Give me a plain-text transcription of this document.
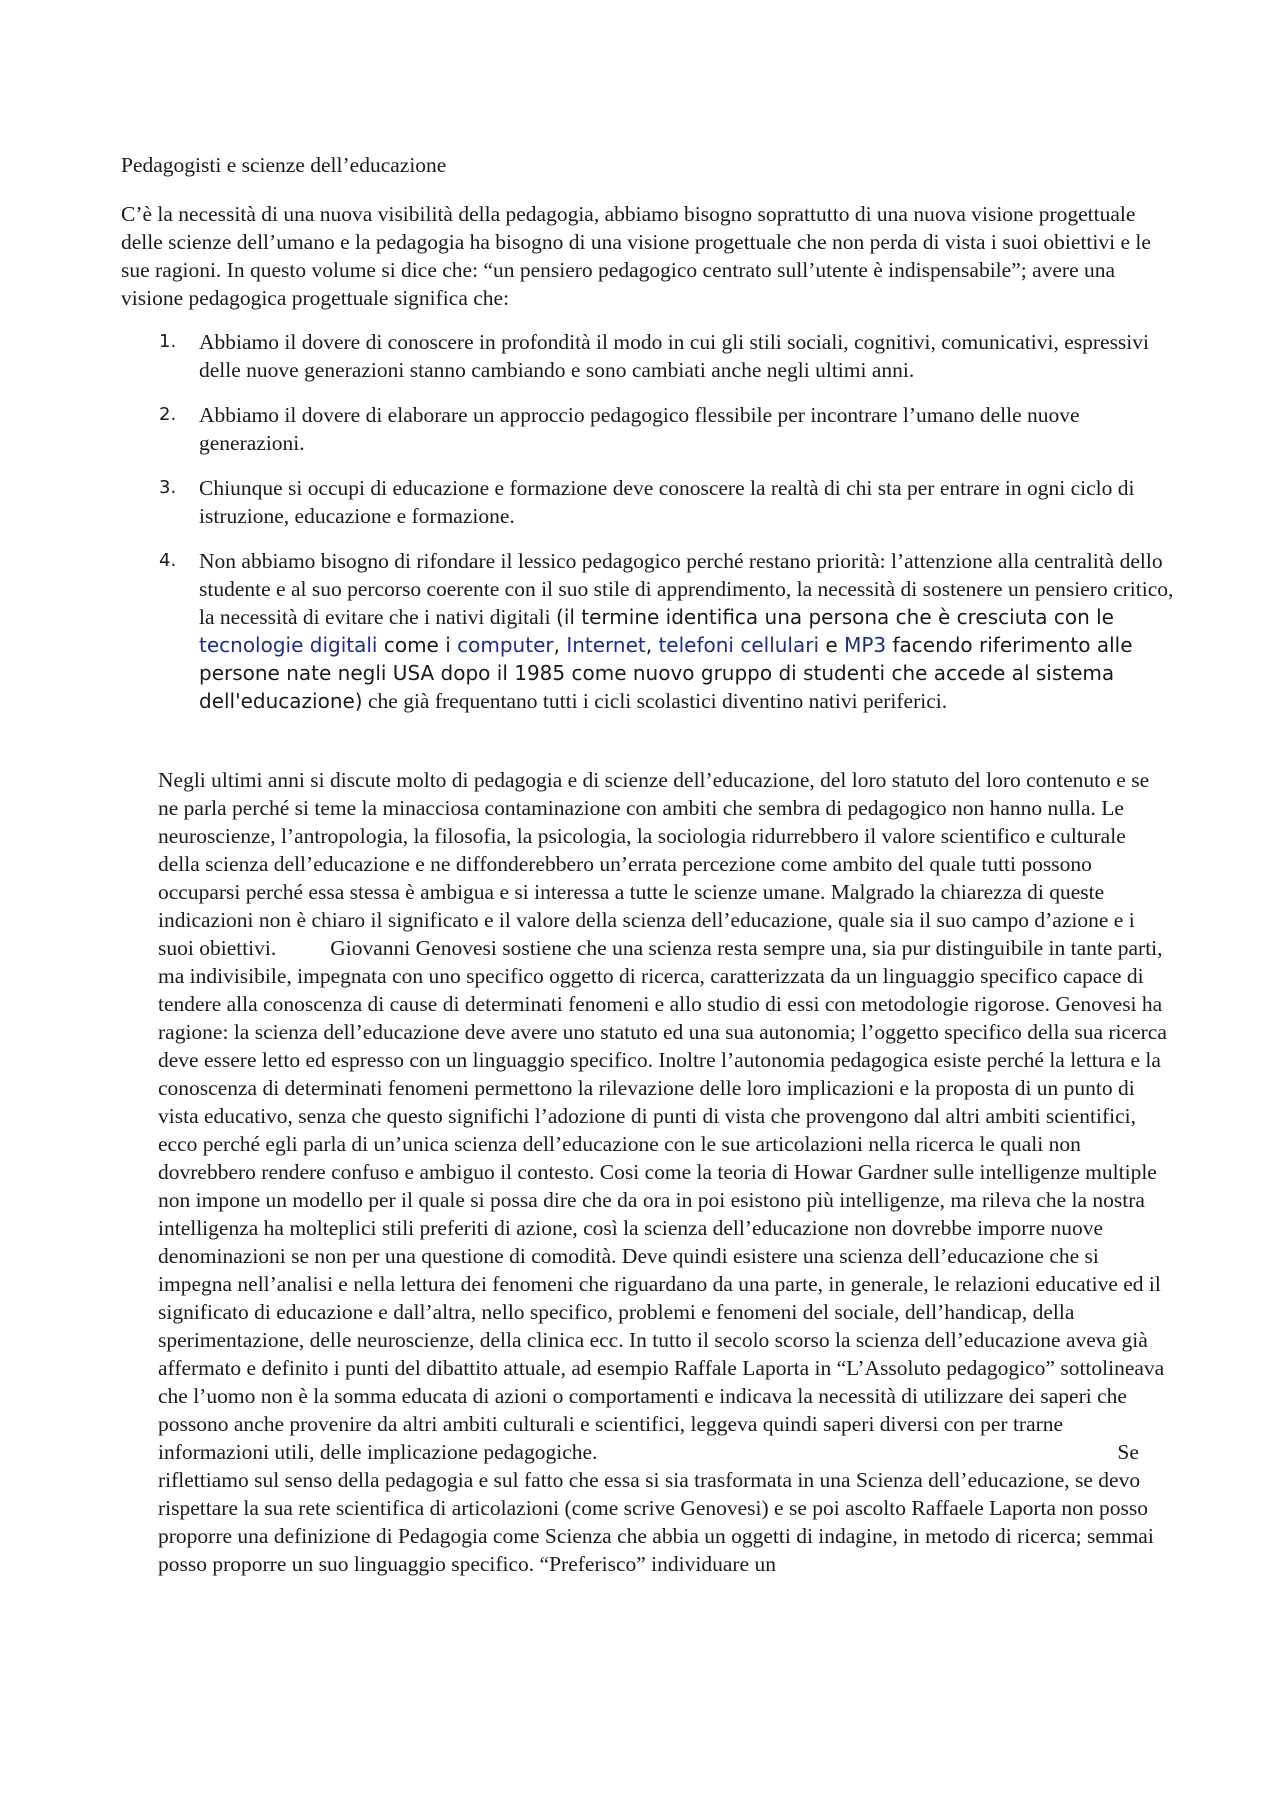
Pedagogisti e scienze dell’educazione

C’è la necessità di una nuova visibilità della pedagogia, abbiamo bisogno soprattutto di una nuova visione progettuale delle scienze dell’umano e la pedagogia ha bisogno di una visione progettuale che non perda di vista i suoi obiettivi e le sue ragioni. In questo volume si dice che: “un pensiero pedagogico centrato sull’utente è indispensabile”; avere una visione pedagogica progettuale significa che:

1. Abbiamo il dovere di conoscere in profondità il modo in cui gli stili sociali, cognitivi, comunicativi, espressivi delle nuove generazioni stanno cambiando e sono cambiati anche negli ultimi anni.
2. Abbiamo il dovere di elaborare un approccio pedagogico flessibile per incontrare l’umano delle nuove generazioni.
3. Chiunque si occupi di educazione e formazione deve conoscere la realtà di chi sta per entrare in ogni ciclo di istruzione, educazione e formazione.
4. Non abbiamo bisogno di rifondare il lessico pedagogico perché restano priorità: l’attenzione alla centralità dello studente e al suo percorso coerente con il suo stile di apprendimento, la necessità di sostenere un pensiero critico, la necessità di evitare che i nativi digitali (il termine identifica una persona che è cresciuta con le tecnologie digitali come i computer, Internet, telefoni cellulari e MP3 facendo riferimento alle persone nate negli USA dopo il 1985 come nuovo gruppo di studenti che accede al sistema dell'educazione) che già frequentano tutti i cicli scolastici diventino nativi periferici.

Negli ultimi anni si discute molto di pedagogia e di scienze dell’educazione, del loro statuto del loro contenuto e se ne parla perché si teme la minacciosa contaminazione con ambiti che sembra di pedagogico non hanno nulla. Le neuroscienze, l’antropologia, la filosofia, la psicologia, la sociologia ridurrebbero il valore scientifico e culturale della scienza dell’educazione e ne diffonderebbero un’errata percezione come ambito del quale tutti possono occuparsi perché essa stessa è ambigua e si interessa a tutte le scienze umane. Malgrado la chiarezza di queste indicazioni non è chiaro il significato e il valore della scienza dell’educazione, quale sia il suo campo d’azione e i suoi obiettivi.	Giovanni Genovesi sostiene che una scienza resta sempre una, sia pur distinguibile in tante parti, ma indivisibile, impegnata con uno specifico oggetto di ricerca, caratterizzata da un linguaggio specifico capace di tendere alla conoscenza di cause di determinati fenomeni e allo studio di essi con metodologie rigorose. Genovesi ha ragione: la scienza dell’educazione deve avere uno statuto ed una sua autonomia; l’oggetto specifico della sua ricerca deve essere letto ed espresso con un linguaggio specifico. Inoltre l’autonomia pedagogica esiste perché la lettura e la conoscenza di determinati fenomeni permettono la rilevazione delle loro implicazioni e la proposta di un punto di vista educativo, senza che questo significhi l’adozione di punti di vista che provengono dal altri ambiti scientifici, ecco perché egli parla di un’unica scienza dell’educazione con le sue articolazioni nella ricerca le quali non dovrebbero rendere confuso e ambiguo il contesto. Cosi come la teoria di Howar Gardner sulle intelligenze multiple non impone un modello per il quale si possa dire che da ora in poi esistono più intelligenze, ma rileva che la nostra intelligenza ha molteplici stili preferiti di azione, così la scienza dell’educazione non dovrebbe imporre nuove denominazioni se non per una questione di comodità. Deve quindi esistere una scienza dell’educazione che si impegna nell’analisi e nella lettura dei fenomeni che riguardano da una parte, in generale, le relazioni educative ed il significato di educazione e dall’altra, nello specifico, problemi e fenomeni del sociale, dell’handicap, della sperimentazione, delle neuroscienze, della clinica ecc. In tutto il secolo scorso la scienza dell’educazione aveva già affermato e definito i punti del dibattito attuale, ad esempio Raffale Laporta in “L’Assoluto pedagogico” sottolineava che l’uomo non è la somma educata di azioni o comportamenti e indicava la necessità di utilizzare dei saperi che possono anche provenire da altri ambiti culturali e scientifici, leggeva quindi saperi diversi con per trarne informazioni utili, delle implicazione pedagogiche.	Se riflettiamo sul senso della pedagogia e sul fatto che essa si sia trasformata in una Scienza dell’educazione, se devo rispettare la sua rete scientifica di articolazioni (come scrive Genovesi) e se poi ascolto Raffaele Laporta non posso proporre una definizione di Pedagogia come Scienza che abbia un oggetti di indagine, in metodo di ricerca; semmai posso proporre un suo linguaggio specifico. “Preferisco” individuare un
